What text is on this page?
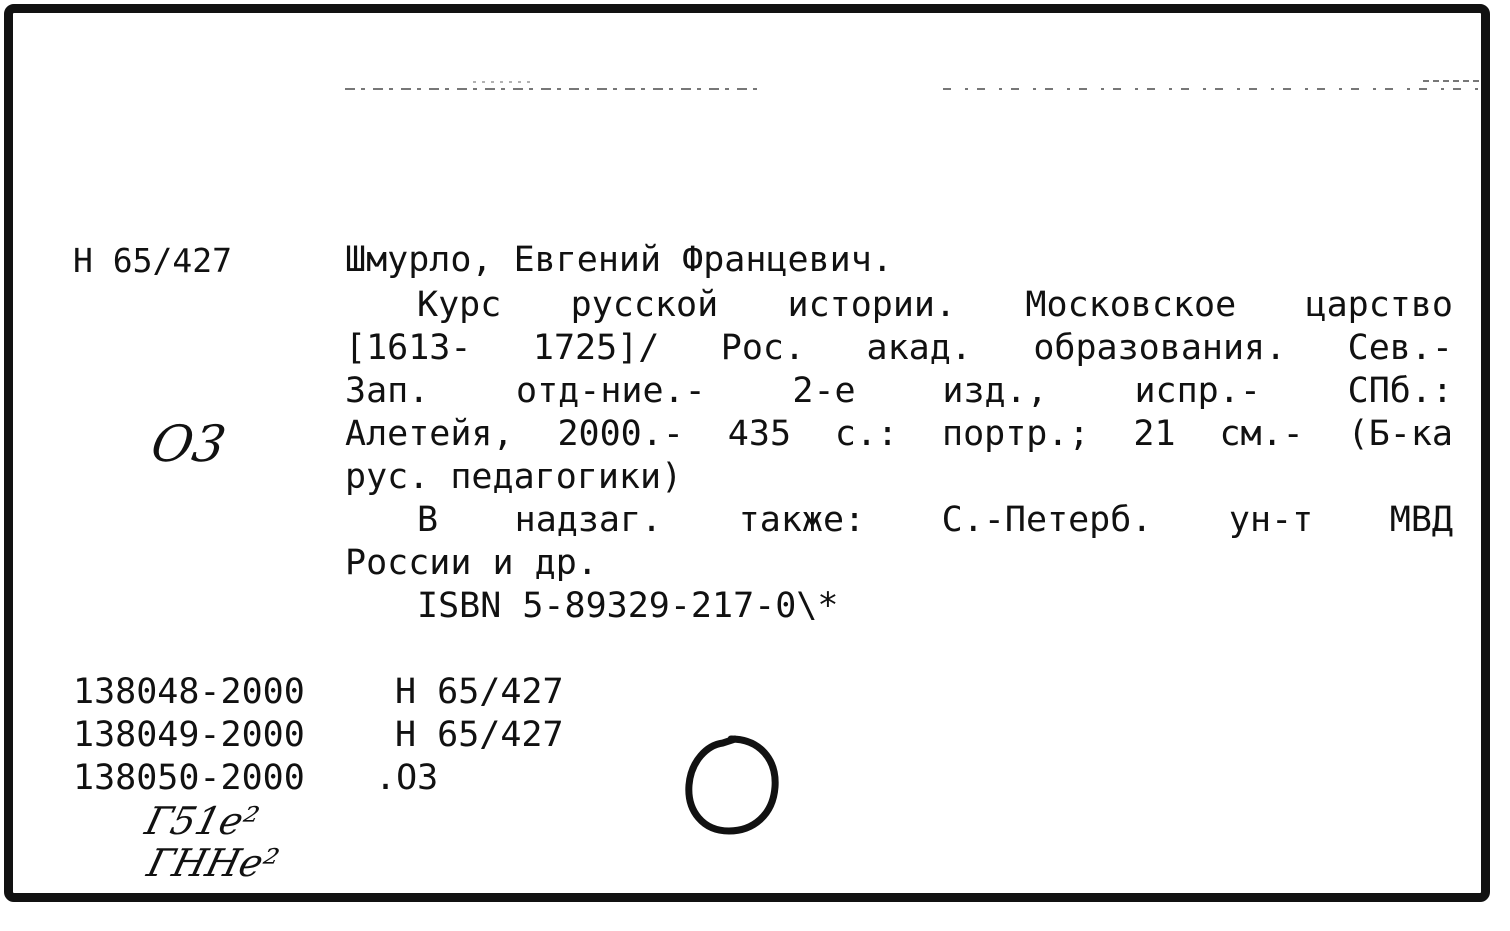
Н 65/427	Шмурло, Евгений Францевич.

Курс русской истории. Московское царство

[1613- 1725]/ Рос. акад. образования. Сев.-

Зап. отд-ние.- 2-е изд., испр.- СПб.:

Алетейя, 2000.- 435 с.: портр.; 21 см.- (Б-ка

рус. педагогики)

В надзаг. также: С.-Петерб. ун-т МВД

России и др.

ISBN 5-89329-217-0\*

О3

138048-2000	Н 65/427

138049-2000	Н 65/427

138050-2000 .О3

Г51е²
ГННе²
